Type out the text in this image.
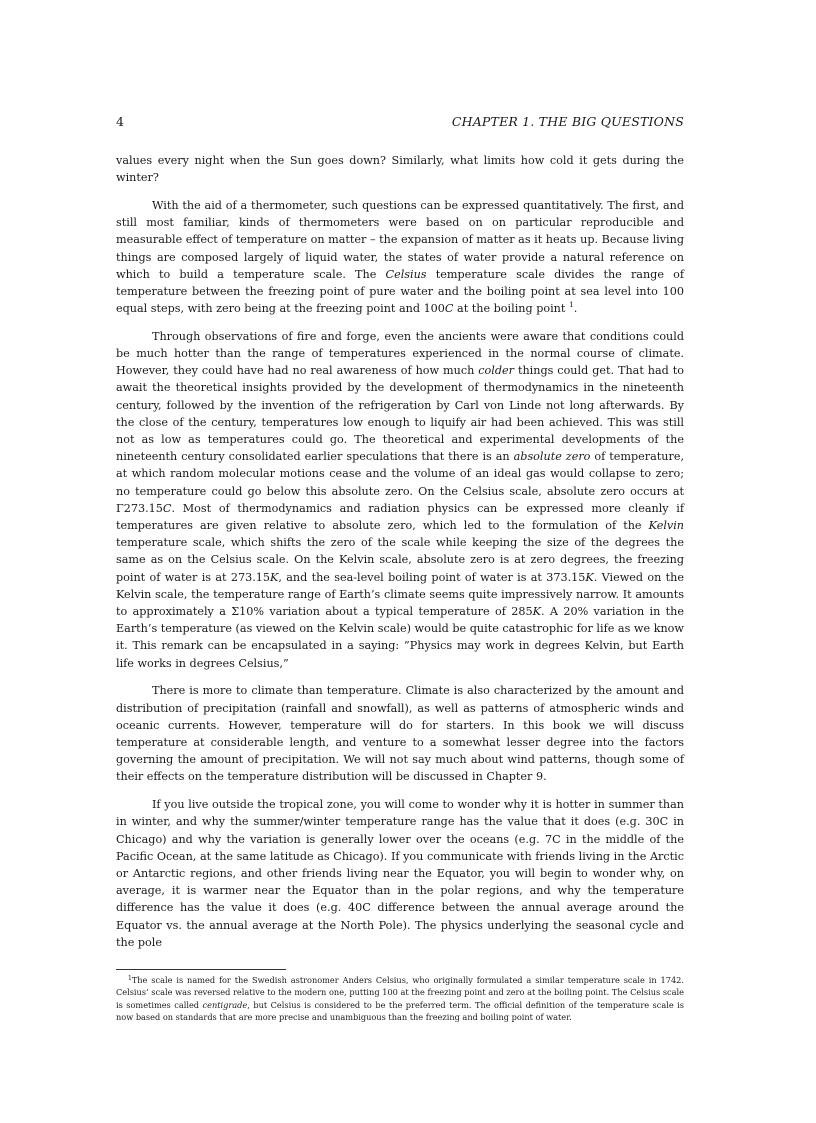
4	CHAPTER 1. THE BIG QUESTIONS

values every night when the Sun goes down? Similarly, what limits how cold it gets during the winter?

With the aid of a thermometer, such questions can be expressed quantitatively. The first, and still most familiar, kinds of thermometers were based on on particular reproducible and measurable effect of temperature on matter – the expansion of matter as it heats up. Because living things are composed largely of liquid water, the states of water provide a natural reference on which to build a temperature scale. The Celsius temperature scale divides the range of temperature between the freezing point of pure water and the boiling point at sea level into 100 equal steps, with zero being at the freezing point and 100C at the boiling point $^1$.

Through observations of fire and forge, even the ancients were aware that conditions could be much hotter than the range of temperatures experienced in the normal course of climate. However, they could have had no real awareness of how much colder things could get. That had to await the theoretical insights provided by the development of thermodynamics in the nineteenth century, followed by the invention of the refrigeration by Carl von Linde not long afterwards. By the close of the century, temperatures low enough to liquify air had been achieved. This was still not as low as temperatures could go. The theoretical and experimental developments of the nineteenth century consolidated earlier speculations that there is an absolute zero of temperature, at which random molecular motions cease and the volume of an ideal gas would collapse to zero; no temperature could go below this absolute zero. On the Celsius scale, absolute zero occurs at Γ273.15C. Most of thermodynamics and radiation physics can be expressed more cleanly if temperatures are given relative to absolute zero, which led to the formulation of the Kelvin temperature scale, which shifts the zero of the scale while keeping the size of the degrees the same as on the Celsius scale. On the Kelvin scale, absolute zero is at zero degrees, the freezing point of water is at 273.15K, and the sea-level boiling point of water is at 373.15K. Viewed on the Kelvin scale, the temperature range of Earth’s climate seems quite impressively narrow. It amounts to approximately a Σ10% variation about a typical temperature of 285K. A 20% variation in the Earth’s temperature (as viewed on the Kelvin scale) would be quite catastrophic for life as we know it. This remark can be encapsulated in a saying: ”Physics may work in degrees Kelvin, but Earth life works in degrees Celsius,”

There is more to climate than temperature. Climate is also characterized by the amount and distribution of precipitation (rainfall and snowfall), as well as patterns of atmospheric winds and oceanic currents. However, temperature will do for starters. In this book we will discuss temperature at considerable length, and venture to a somewhat lesser degree into the factors governing the amount of precipitation. We will not say much about wind patterns, though some of their effects on the temperature distribution will be discussed in Chapter 9.

If you live outside the tropical zone, you will come to wonder why it is hotter in summer than in winter, and why the summer/winter temperature range has the value that it does (e.g. 30C in Chicago) and why the variation is generally lower over the oceans (e.g. 7C in the middle of the Pacific Ocean, at the same latitude as Chicago). If you communicate with friends living in the Arctic or Antarctic regions, and other friends living near the Equator, you will begin to wonder why, on average, it is warmer near the Equator than in the polar regions, and why the temperature difference has the value it does (e.g. 40C difference between the annual average around the Equator vs. the annual average at the North Pole). The physics underlying the seasonal cycle and the pole

$^1$The scale is named for the Swedish astronomer Anders Celsius, who originally formulated a similar temperature scale in 1742. Celsius’ scale was reversed relative to the modern one, putting 100 at the freezing point and zero at the boiling point. The Celsius scale is sometimes called centigrade, but Celsius is considered to be the preferred term. The official definition of the temperature scale is now based on standards that are more precise and unambiguous than the freezing and boiling point of water.
